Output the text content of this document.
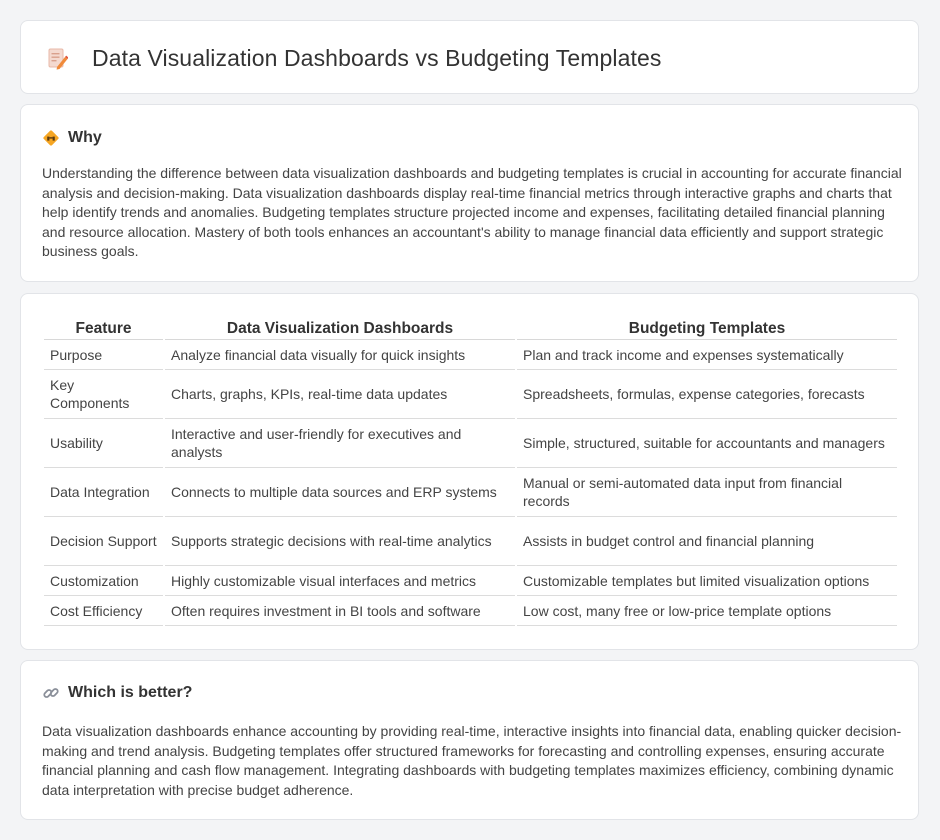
Data Visualization Dashboards vs Budgeting Templates
Why

Understanding the difference between data visualization dashboards and budgeting templates is crucial in accounting for accurate financial analysis and decision-making. Data visualization dashboards display real-time financial metrics through interactive graphs and charts that help identify trends and anomalies. Budgeting templates structure projected income and expenses, facilitating detailed financial planning and resource allocation. Mastery of both tools enhances an accountant's ability to manage financial data efficiently and support strategic business goals.

Feature	Data Visualization Dashboards	Budgeting Templates
Purpose	Analyze financial data visually for quick insights	Plan and track income and expenses systematically
Key Components	Charts, graphs, KPIs, real-time data updates	Spreadsheets, formulas, expense categories, forecasts
Usability	Interactive and user-friendly for executives and analysts	Simple, structured, suitable for accountants and managers
Data Integration	Connects to multiple data sources and ERP systems	Manual or semi-automated data input from financial records
Decision Support	Supports strategic decisions with real-time analytics	Assists in budget control and financial planning
Customization	Highly customizable visual interfaces and metrics	Customizable templates but limited visualization options
Cost Efficiency	Often requires investment in BI tools and software	Low cost, many free or low-price template options
Which is better?

Data visualization dashboards enhance accounting by providing real-time, interactive insights into financial data, enabling quicker decision-making and trend analysis. Budgeting templates offer structured frameworks for forecasting and controlling expenses, ensuring accurate financial planning and cash flow management. Integrating dashboards with budgeting templates maximizes efficiency, combining dynamic data interpretation with precise budget adherence.
